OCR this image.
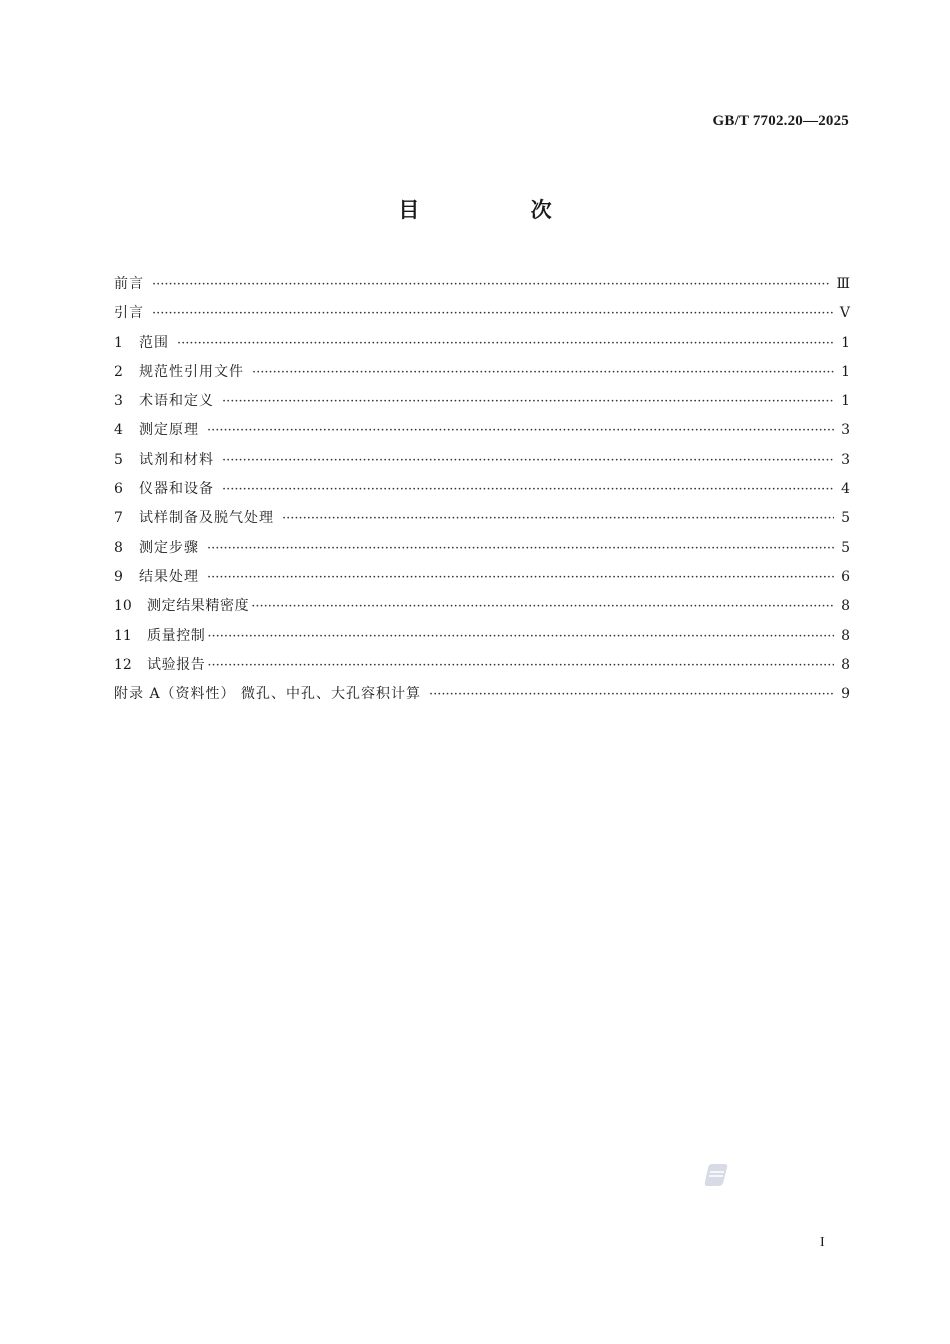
GB/T 7702.20—2025
目 次
前言 ·····	Ⅲ
引言 ·····	Ⅴ
1	范围 ·····	1
2	规范性引用文件 ·····	1
3	术语和定义 ·····	1
4	测定原理 ·····	3
5	试剂和材料 ·····	3
6	仪器和设备 ·····	4
7	试样制备及脱气处理 ·····	5
8	测定步骤 ·····	5
9	结果处理 ·····	6
10	测定结果精密度 ·····	8
11	质量控制 ·····	8
12	试验报告 ·····	8
附录 A（资料性） 微孔、中孔、大孔容积计算 ·····	9
I
